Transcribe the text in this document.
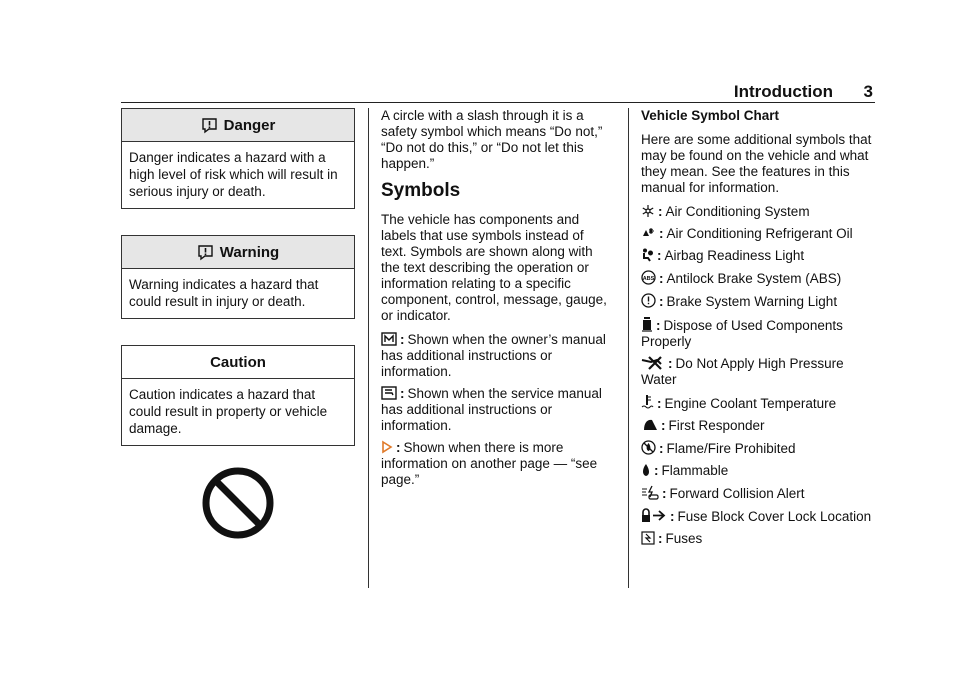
Introduction 3
Danger
Danger indicates a hazard with a high level of risk which will result in serious injury or death.
Warning
Warning indicates a hazard that could result in injury or death.
Caution
Caution indicates a hazard that could result in property or vehicle damage.

A circle with a slash through it is a safety symbol which means “Do not,” “Do not do this,” or “Do not let this happen.”

Symbols

The vehicle has components and labels that use symbols instead of text. Symbols are shown along with the text describing the operation or information relating to a specific component, control, message, gauge, or indicator.

: Shown when the owner’s manual has additional instructions or information.

: Shown when the service manual has additional instructions or information.

: Shown when there is more information on another page — “see page.”

Vehicle Symbol Chart

Here are some additional symbols that may be found on the vehicle and what they mean. See the features in this manual for information.

: Air Conditioning System

: Air Conditioning Refrigerant Oil

: Airbag Readiness Light

ABS : Antilock Brake System (ABS)

: Brake System Warning Light

: Dispose of Used Components Properly

: Do Not Apply High Pressure Water

: Engine Coolant Temperature

: First Responder

: Flame/Fire Prohibited

: Flammable

: Forward Collision Alert

: Fuse Block Cover Lock Location

: Fuses
